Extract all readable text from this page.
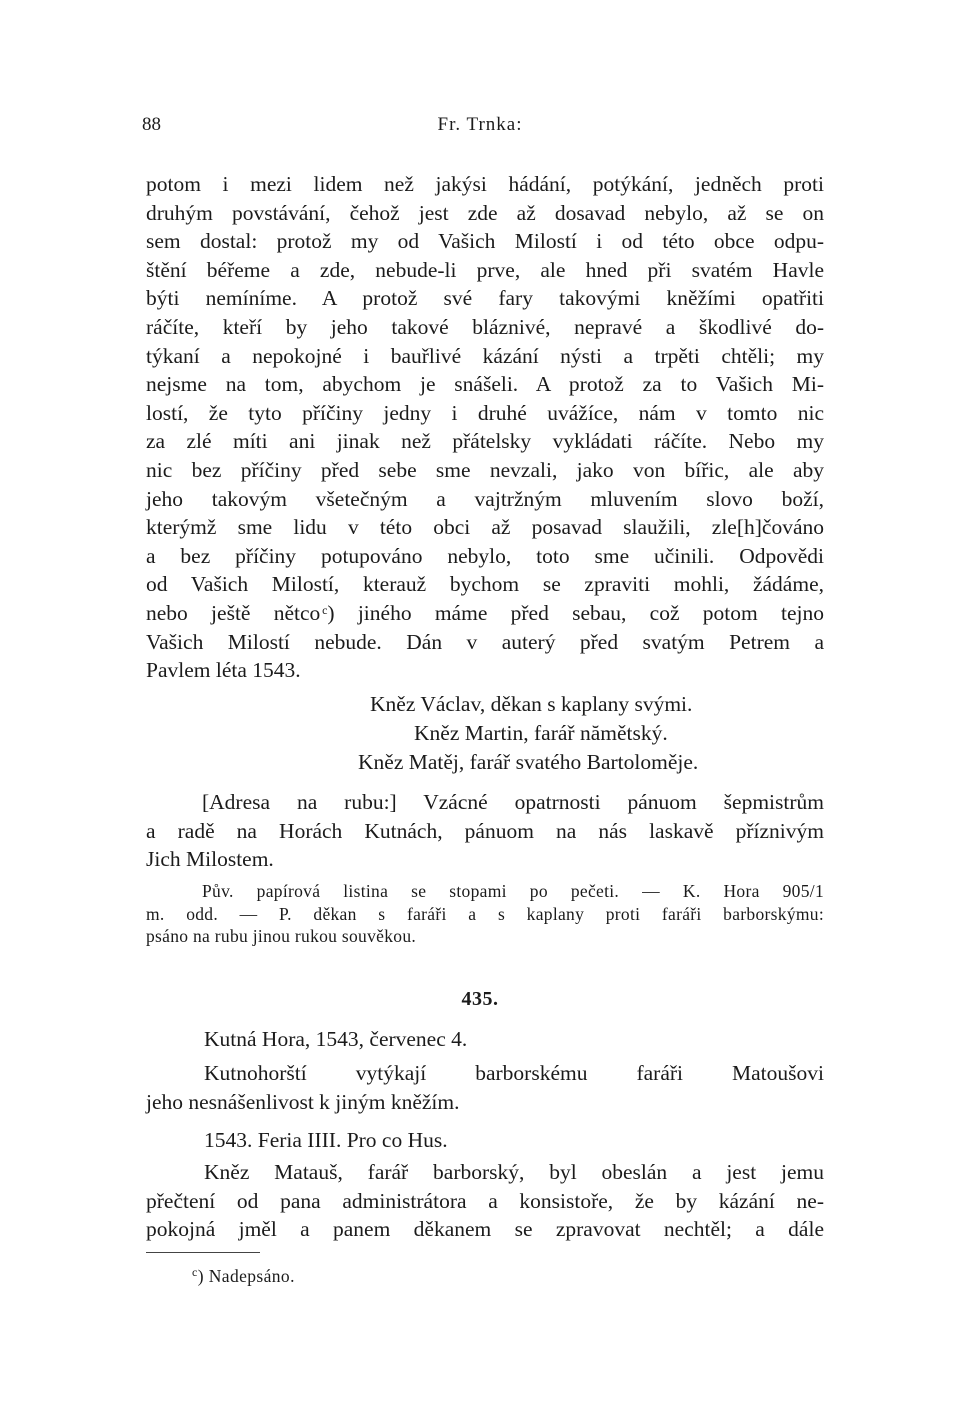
88	Fr. Trnka:

potom i mezi lidem než jakýsi hádání, potýkání, jedněch proti
druhým povstávání, čehož jest zde až dosavad nebylo, až se on
sem dostal: protož my od Vašich Milostí i od této obce odpu-
štění béřeme a zde, nebude-li prve, ale hned při svatém Havle
býti nemíníme. A protož své fary takovými kněžími opatřiti
ráčíte, kteří by jeho takové bláznivé, nepravé a škodlivé do-
týkaní a nepokojné i bauřlivé kázání nýsti a trpěti chtěli; my
nejsme na tom, abychom je snášeli. A protož za to Vašich Mi-
lostí, že tyto příčiny jedny i druhé uvážíce, nám v tomto nic
za zlé míti ani jinak než přátelsky vykládati ráčíte. Nebo my
nic bez příčiny před sebe sme nevzali, jako von bířic, ale aby
jeho takovým všetečným a vajtržným mluvením slovo boží,
kterýmž sme lidu v této obci až posavad slaužili, zle[h]čováno
a bez příčiny potupováno nebylo, toto sme učinili. Odpovědi
od Vašich Milostí, kterauž bychom se zpraviti mohli, žádáme,
nebo ještě nětco  $^c$) jiného máme před sebau, což potom tejno
Vašich Milostí nebude. Dán v auterý před svatým Petrem a
Pavlem léta 1543.

Kněz Václav, děkan s kaplany svými.
Kněz Martin, farář nămětský.
Kněz Matěj, farář svatého Bartoloměje.

[Adresa na rubu:] Vzácné opatrnosti pánuom šepmistrům
a radě na Horách Kutnách, pánuom na nás laskavě příznivým
Jich Milostem.

Pův. papírová listina se stopami po pečeti. — K. Hora 905/1
m. odd. — P. děkan s faráři a s kaplany proti faráři barborskýmu:
psáno na rubu jinou rukou souvěkou.
435.
Kutná Hora, 1543, červenec 4.

Kutnohorští vytýkají barborskému faráři Matoušovi
jeho nesnášenlivost k jiným kněžím.

1543. Feria IIII. Pro co Hus.

Kněz Matauš, farář barborský, byl obeslán a jest jemu
přečtení od pana administrátora a konsistoře, že by kázání ne-
pokojná jměl a panem děkanem se zpravovat nechtěl; a dále

$^c$) Nadepsáno.
